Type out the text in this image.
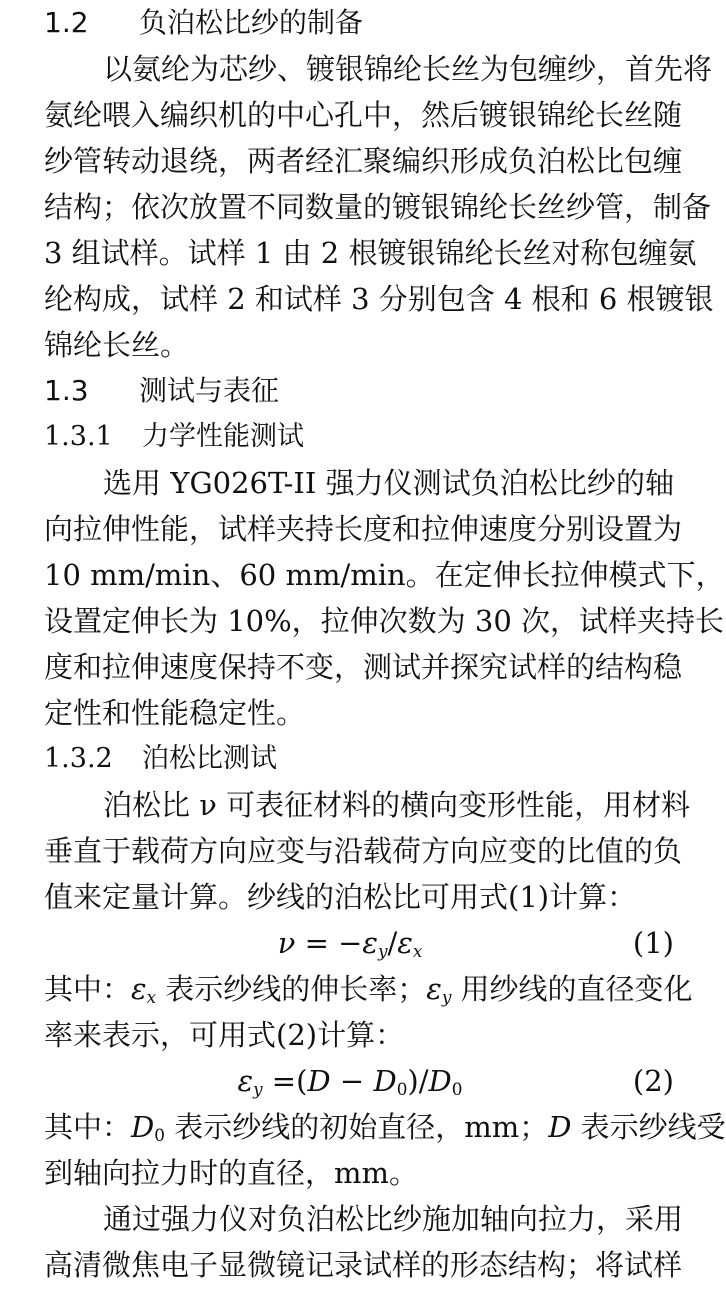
1.2 负泊松比纱的制备
以氨纶为芯纱、镀银锦纶长丝为包缠纱，首先将
氨纶喂入编织机的中心孔中，然后镀银锦纶长丝随
纱管转动退绕，两者经汇聚编织形成负泊松比包缠
结构；依次放置不同数量的镀银锦纶长丝纱管，制备
3 组试样。试样 1 由 2 根镀银锦纶长丝对称包缠氨
纶构成，试样 2 和试样 3 分别包含 4 根和 6 根镀银
锦纶长丝。
1.3 测试与表征
1.3.1 力学性能测试
选用 YG026T-II 强力仪测试负泊松比纱的轴
向拉伸性能，试样夹持长度和拉伸速度分别设置为
10 mm/min、60 mm/min。在定伸长拉伸模式下，
设置定伸长为 10%，拉伸次数为 30 次，试样夹持长
度和拉伸速度保持不变，测试并探究试样的结构稳
定性和性能稳定性。
1.3.2 泊松比测试
泊松比 ν 可表征材料的横向变形性能，用材料
垂直于载荷方向应变与沿载荷方向应变的比值的负
值来定量计算。纱线的泊松比可用式(1)计算：
$\nu = -\varepsilon_y/\varepsilon_x$	(1)
其中：$\varepsilon_x$ 表示纱线的伸长率；$\varepsilon_y$ 用纱线的直径变化
率来表示，可用式(2)计算：
$\varepsilon_y =(D - D_0)/D_0$	(2)
其中：$D_0$ 表示纱线的初始直径，mm；D 表示纱线受
到轴向拉力时的直径，mm。
通过强力仪对负泊松比纱施加轴向拉力，采用
高清微焦电子显微镜记录试样的形态结构；将试样
